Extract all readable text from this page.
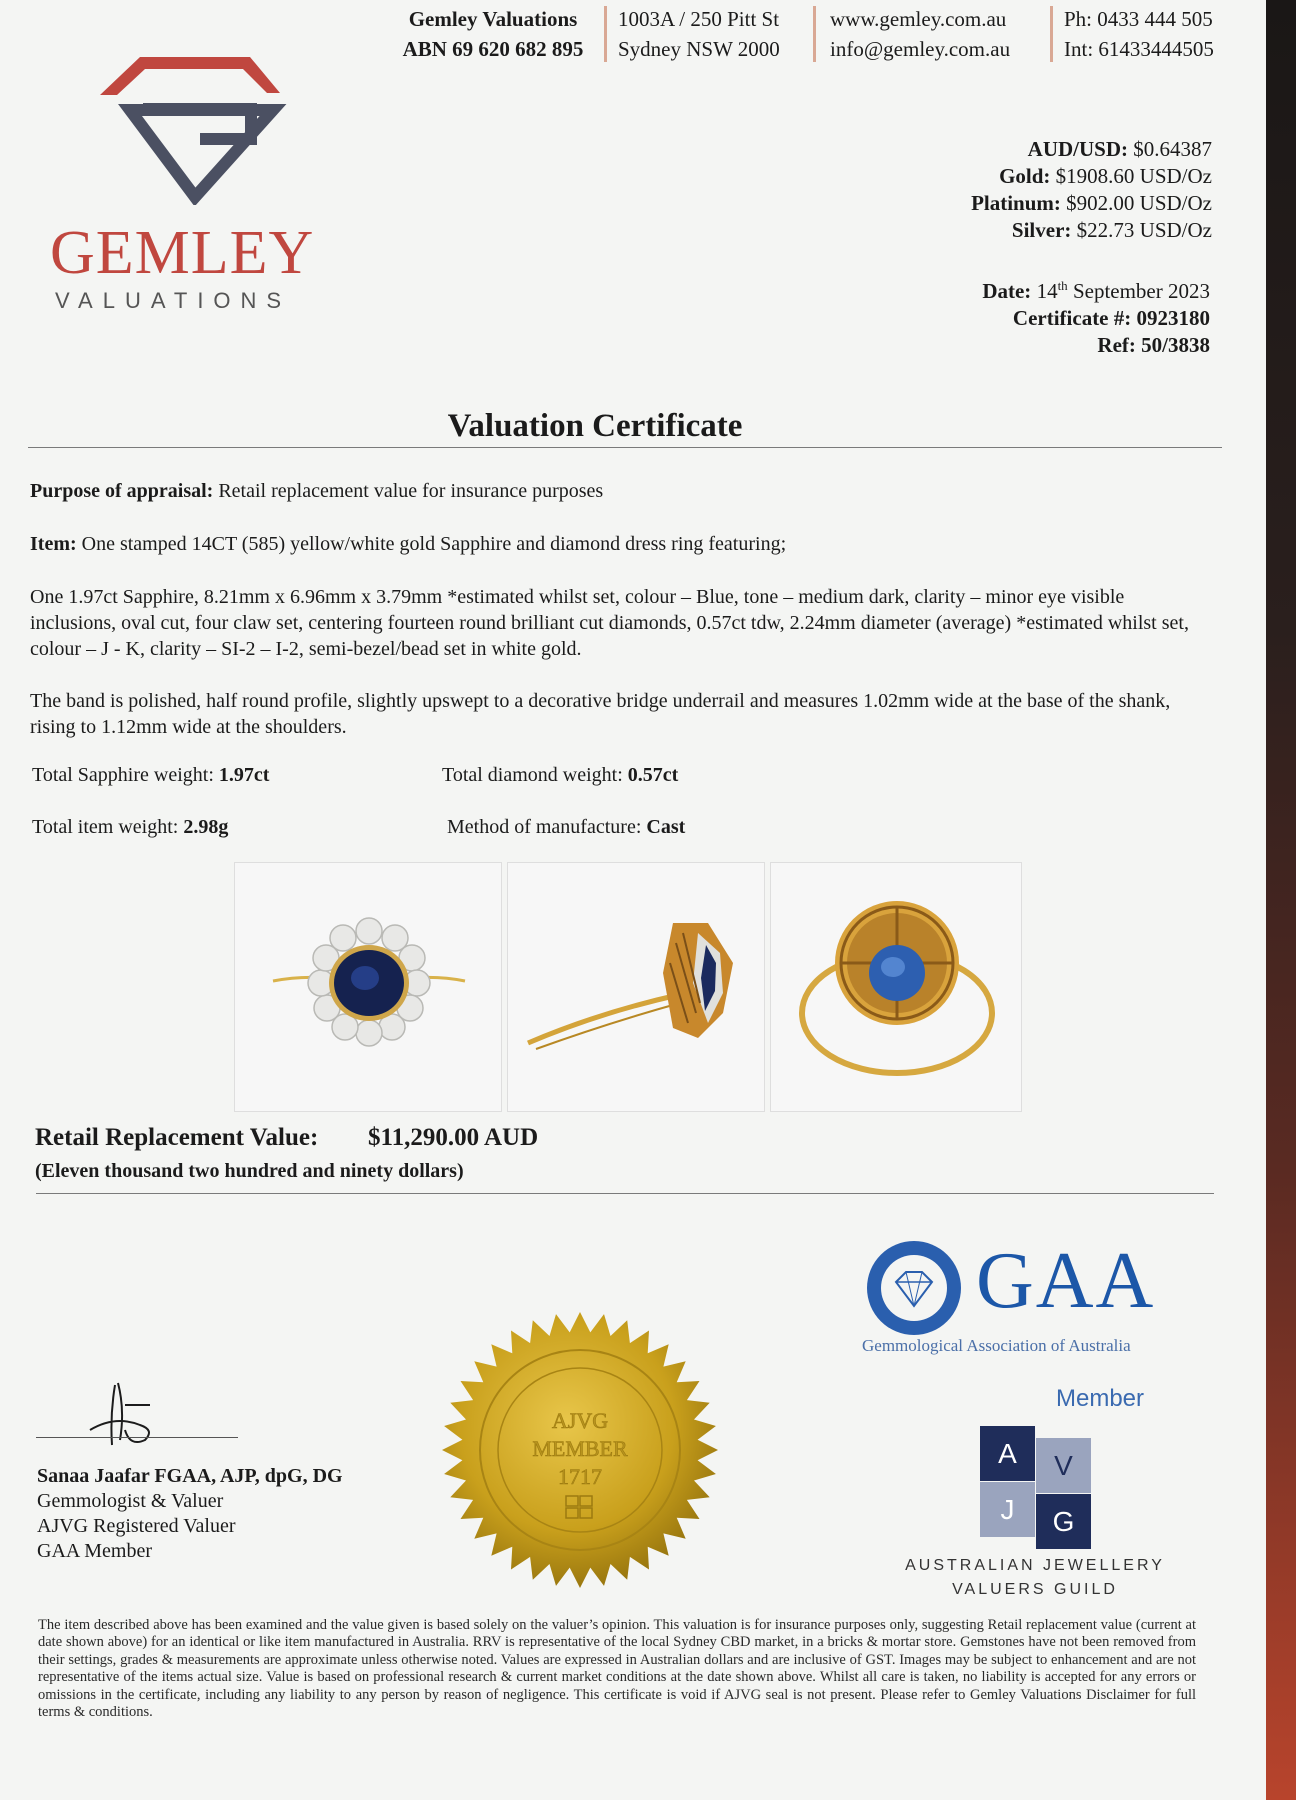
Gemley Valuations
ABN 69 620 682 895
1003A / 250 Pitt St
Sydney NSW 2000
www.gemley.com.au
info@gemley.com.au
Ph: 0433 444 505
Int: 61433444505
GEMLEY
VALUATIONS
AUD/USD: $0.64387
Gold: $1908.60 USD/Oz
Platinum: $902.00 USD/Oz
Silver: $22.73 USD/Oz
Date: 14th September 2023
Certificate #: 0923180
Ref: 50/3838
Valuation Certificate
Purpose of appraisal: Retail replacement value for insurance purposes
Item: One stamped 14CT (585) yellow/white gold Sapphire and diamond dress ring featuring;
One 1.97ct Sapphire, 8.21mm x 6.96mm x 3.79mm *estimated whilst set, colour – Blue, tone – medium dark, clarity – minor eye visible inclusions, oval cut, four claw set, centering fourteen round brilliant cut diamonds, 0.57ct tdw, 2.24mm diameter (average) *estimated whilst set, colour – J - K, clarity – SI-2 – I-2, semi-bezel/bead set in white gold.
The band is polished, half round profile, slightly upswept to a decorative bridge underrail and measures 1.02mm wide at the base of the shank, rising to 1.12mm wide at the shoulders.
Total Sapphire weight: 1.97ct	Total diamond weight: 0.57ct
Total item weight: 2.98g	Method of manufacture: Cast
Retail Replacement Value: $11,290.00 AUD
(Eleven thousand two hundred and ninety dollars)
GAA
Gemmological Association of Australia
Member
A	V
J	G
AUSTRALIAN JEWELLERY
VALUERS GUILD
AJVG
MEMBER
1717
Sanaa Jaafar FGAA, AJP, dpG, DG
Gemmologist & Valuer
AJVG Registered Valuer
GAA Member
The item described above has been examined and the value given is based solely on the valuer’s opinion. This valuation is for insurance purposes only, suggesting Retail replacement value (current at date shown above) for an identical or like item manufactured in Australia. RRV is representative of the local Sydney CBD market, in a bricks & mortar store. Gemstones have not been removed from their settings, grades & measurements are approximate unless otherwise noted. Values are expressed in Australian dollars and are inclusive of GST. Images may be subject to enhancement and are not representative of the items actual size. Value is based on professional research & current market conditions at the date shown above. Whilst all care is taken, no liability is accepted for any errors or omissions in the certificate, including any liability to any person by reason of negligence. This certificate is void if AJVG seal is not present. Please refer to Gemley Valuations Disclaimer for full terms & conditions.
